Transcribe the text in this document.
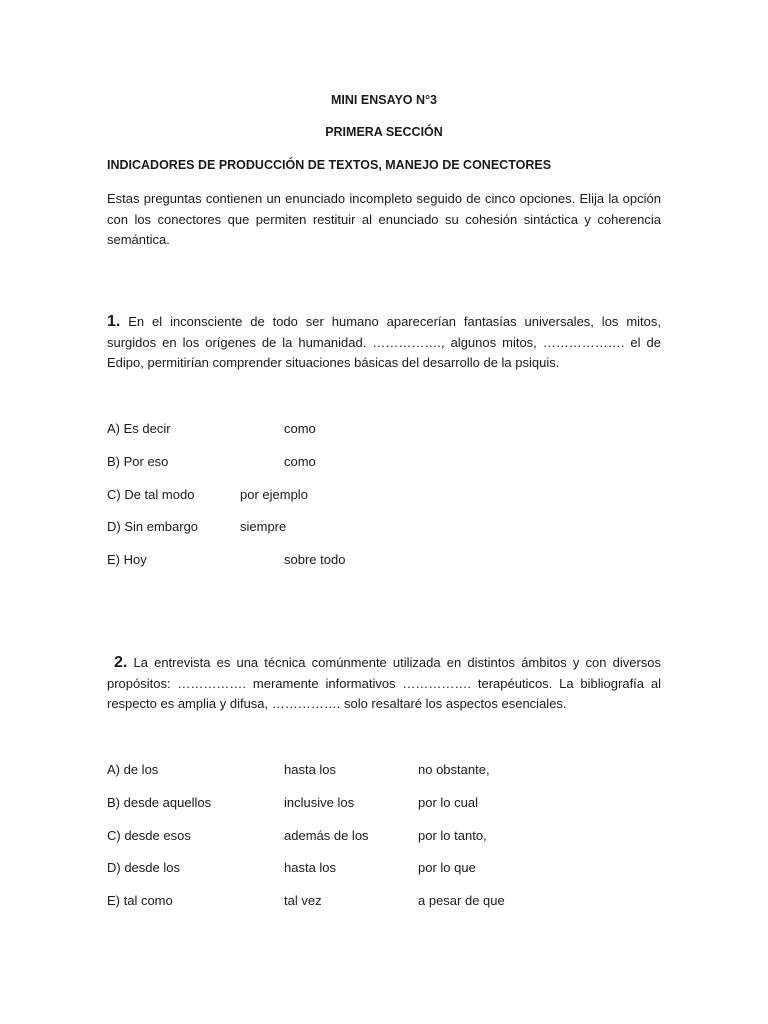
MINI ENSAYO N°3
PRIMERA SECCIÓN
INDICADORES DE PRODUCCIÓN DE TEXTOS, MANEJO DE CONECTORES
Estas preguntas contienen un enunciado incompleto seguido de cinco opciones. Elija la opción con los conectores que permiten restituir al enunciado su cohesión sintáctica y coherencia semántica.
1. En el inconsciente de todo ser humano aparecerían fantasías universales, los mitos, surgidos en los orígenes de la humanidad. ……………., algunos mitos, ………………. el de Edipo, permitirían comprender situaciones básicas del desarrollo de la psiquis.
A) Es decir	como
B) Por eso	como
C) De tal modo	por ejemplo
D) Sin embargo	siempre
E) Hoy	sobre todo
2. La entrevista es una técnica comúnmente utilizada en distintos ámbitos y con diversos propósitos: ……………. meramente informativos ……………. terapéuticos. La bibliografía al respecto es amplia y difusa, ……………. solo resaltaré los aspectos esenciales.
A) de los	hasta los	no obstante,
B) desde aquellos	inclusive los	por lo cual
C) desde esos	además de los	por lo tanto,
D) desde los	hasta los	por lo que
E) tal como	tal vez	a pesar de que
